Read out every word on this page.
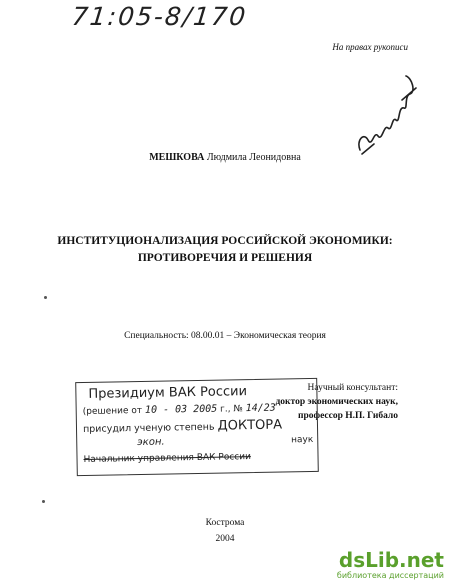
71:05-8/170
На правах рукописи
МЕШКОВА Людмила Леонидовна
ИНСТИТУЦИОНАЛИЗАЦИЯ РОССИЙСКОЙ ЭКОНОМИКИ:
ПРОТИВОРЕЧИЯ И РЕШЕНИЯ
Специальность: 08.00.01 – Экономическая теория
Научный консультант:
доктор экономических наук,
профессор Н.П. Гибало
Президиум ВАК России
(решение от 10 - 03 2005 г., № 14/23
присудил ученую степень ДОКТОРА
экон.	наук
Начальник управления ВАК России
Кострома
2004
dsLib.net
библиотека диссертаций
